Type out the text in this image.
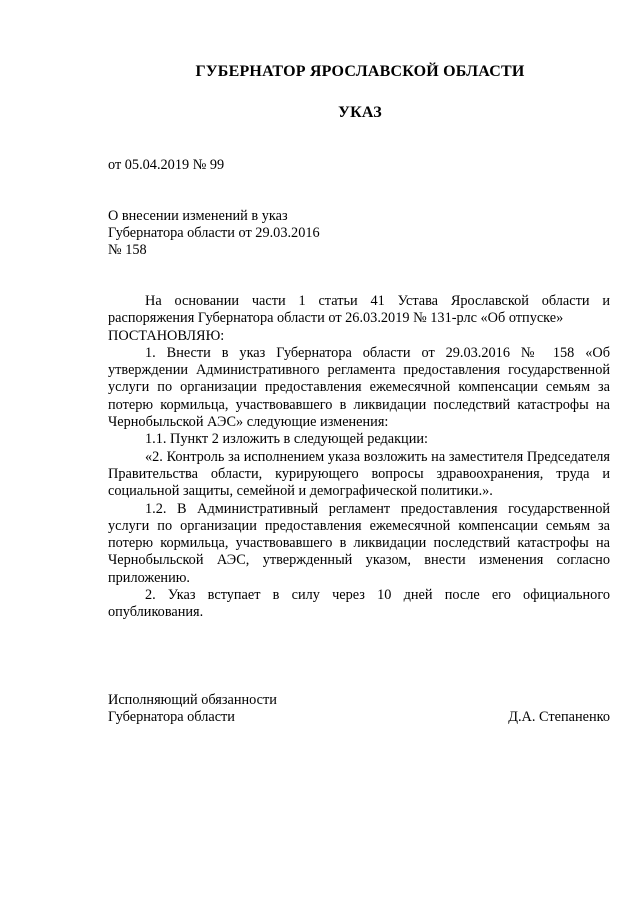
ГУБЕРНАТОР ЯРОСЛАВСКОЙ ОБЛАСТИ
УКАЗ
от 05.04.2019 № 99
О внесении изменений в указ
Губернатора области от 29.03.2016
№ 158

На основании части 1 статьи 41 Устава Ярославской области и распоряжения Губернатора области от 26.03.2019 № 131-рлс «Об отпуске»

ПОСТАНОВЛЯЮ:

1. Внести в указ Губернатора области от 29.03.2016 № 158 «Об утверждении Административного регламента предоставления государственной услуги по организации предоставления ежемесячной компенсации семьям за потерю кормильца, участвовавшего в ликвидации последствий катастрофы на Чернобыльской АЭС» следующие изменения:

1.1. Пункт 2 изложить в следующей редакции:

«2. Контроль за исполнением указа возложить на заместителя Председателя Правительства области, курирующего вопросы здравоохранения, труда и социальной защиты, семейной и демографической политики.».

1.2. В Административный регламент предоставления государственной услуги по организации предоставления ежемесячной компенсации семьям за потерю кормильца, участвовавшего в ликвидации последствий катастрофы на Чернобыльской АЭС, утвержденный указом, внести изменения согласно приложению.

2. Указ вступает в силу через 10 дней после его официального опубликования.

Исполняющий обязанности
Губернатора области	Д.А. Степаненко
